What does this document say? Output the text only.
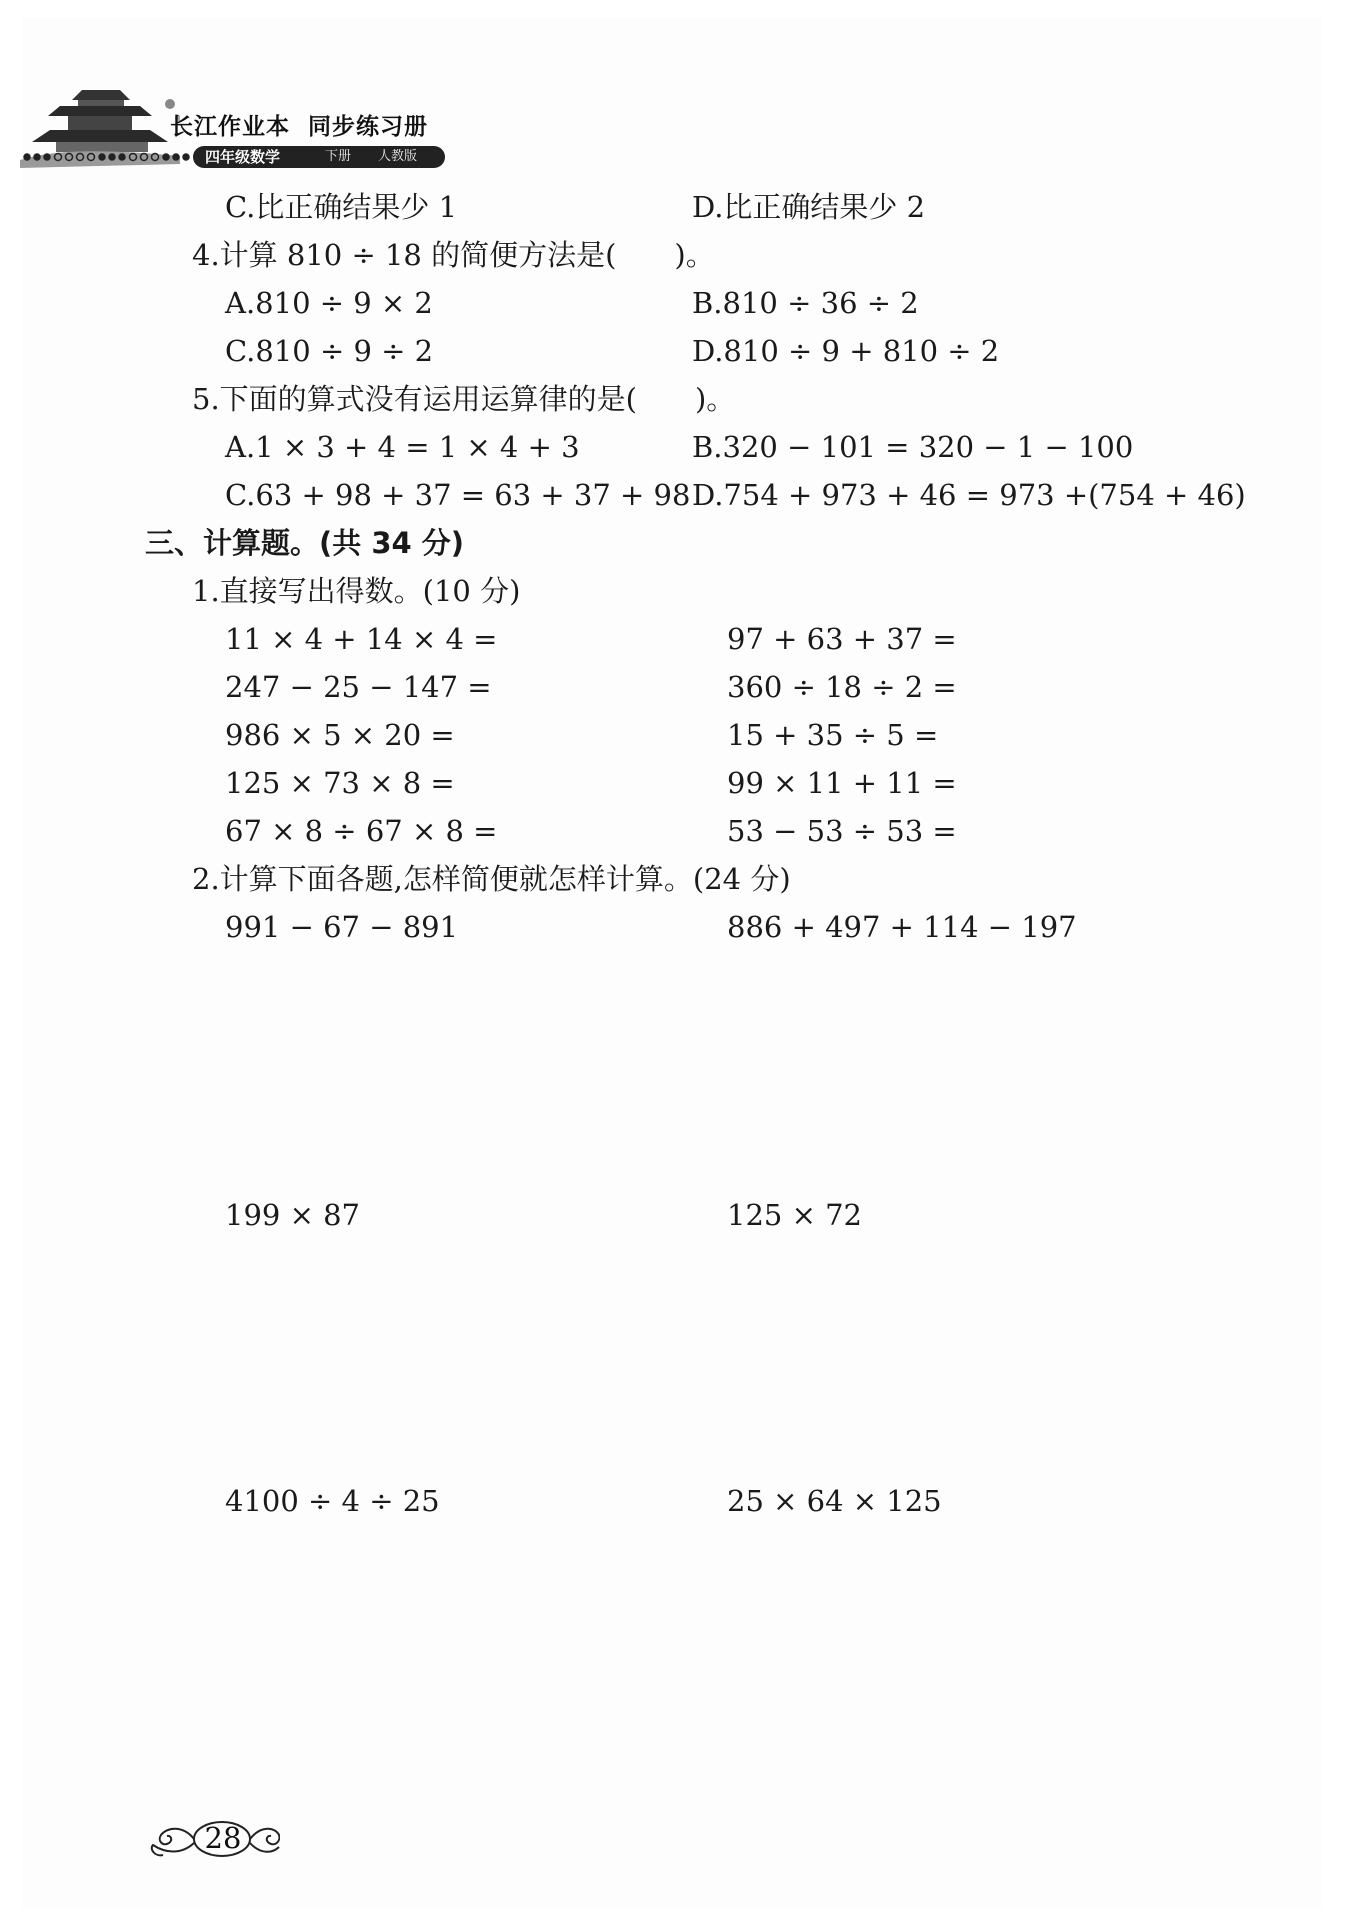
长江作业本 同步练习册
四年级数学	下册 人教版
C.比正确结果少 1	D.比正确结果少 2
4.计算 810 ÷ 18 的简便方法是(　　)。
A.810 ÷ 9 × 2	B.810 ÷ 36 ÷ 2
C.810 ÷ 9 ÷ 2	D.810 ÷ 9 + 810 ÷ 2
5.下面的算式没有运用运算律的是(　　)。
A.1 × 3 + 4 = 1 × 4 + 3	B.320 − 101 = 320 − 1 − 100
C.63 + 98 + 37 = 63 + 37 + 98 D.754 + 973 + 46 = 973 +(754 + 46)
三、计算题。(共 34 分)
1.直接写出得数。(10 分)
11 × 4 + 14 × 4 =	97 + 63 + 37 =
247 − 25 − 147 =	360 ÷ 18 ÷ 2 =
986 × 5 × 20 =	15 + 35 ÷ 5 =
125 × 73 × 8 =	99 × 11 + 11 =
67 × 8 ÷ 67 × 8 =	53 − 53 ÷ 53 =
2.计算下面各题,怎样简便就怎样计算。(24 分)
991 − 67 − 891	886 + 497 + 114 − 197
199 × 87	125 × 72
4100 ÷ 4 ÷ 25	25 × 64 × 125
28
